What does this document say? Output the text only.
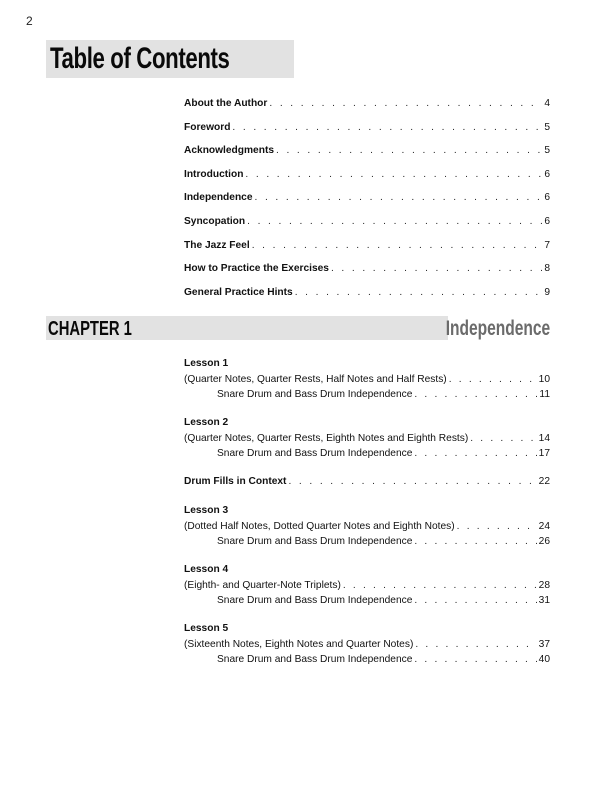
2
Table of Contents
About the Author . . .	4
Foreword . . .	5
Acknowledgments . . .	5
Introduction . . .	6
Independence . . .	6
Syncopation . . .	6
The Jazz Feel . . .	7
How to Practice the Exercises . . .	8
General Practice Hints . . .	9
CHAPTER 1	Independence
Lesson 1
(Quarter Notes, Quarter Rests, Half Notes and Half Rests) . . .	10
Snare Drum and Bass Drum Independence . . .	11
Lesson 2
(Quarter Notes, Quarter Rests, Eighth Notes and Eighth Rests) . . .	14
Snare Drum and Bass Drum Independence . . .	17
Drum Fills in Context . . .	22
Lesson 3
(Dotted Half Notes, Dotted Quarter Notes and Eighth Notes) . . .	24
Snare Drum and Bass Drum Independence . . .	26
Lesson 4
(Eighth- and Quarter-Note Triplets) . . .	28
Snare Drum and Bass Drum Independence . . .	31
Lesson 5
(Sixteenth Notes, Eighth Notes and Quarter Notes) . . .	37
Snare Drum and Bass Drum Independence . . .	40
